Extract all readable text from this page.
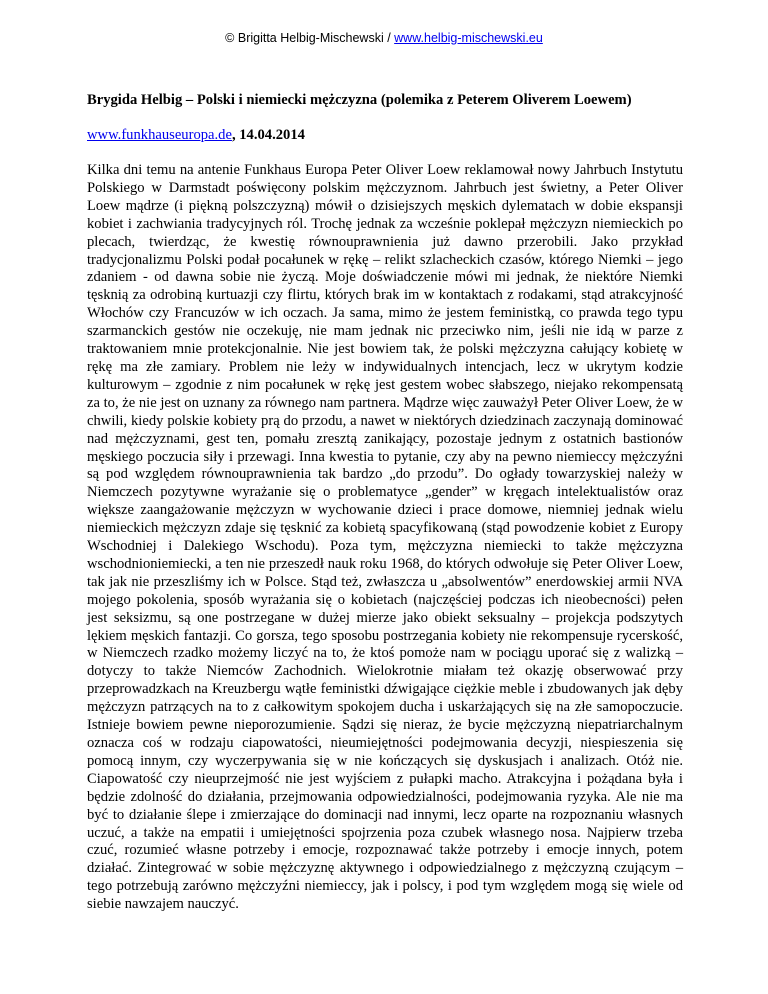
© Brigitta Helbig-Mischewski / www.helbig-mischewski.eu

Brygida Helbig – Polski i niemiecki mężczyzna (polemika z Peterem Oliverem Loewem)

www.funkhauseuropa.de, 14.04.2014

Kilka dni temu na antenie Funkhaus Europa Peter Oliver Loew reklamował nowy Jahrbuch Instytutu Polskiego w Darmstadt poświęcony polskim mężczyznom. Jahrbuch jest świetny, a Peter Oliver Loew mądrze (i piękną polszczyzną) mówił o dzisiejszych męskich dylematach w dobie ekspansji kobiet i zachwiania tradycyjnych ról. Trochę jednak za wcześnie poklepał mężczyzn niemieckich po plecach, twierdząc, że kwestię równouprawnienia już dawno przerobili. Jako przykład tradycjonalizmu Polski podał pocałunek w rękę – relikt szlacheckich czasów, którego Niemki – jego zdaniem - od dawna sobie nie życzą. Moje doświadczenie mówi mi jednak, że niektóre Niemki tęsknią za odrobiną kurtuazji czy flirtu, których brak im w kontaktach z rodakami, stąd atrakcyjność Włochów czy Francuzów w ich oczach. Ja sama, mimo że jestem feministką, co prawda tego typu szarmanckich gestów nie oczekuję, nie mam jednak nic przeciwko nim, jeśli nie idą w parze z traktowaniem mnie protekcjonalnie. Nie jest bowiem tak, że polski mężczyzna całujący kobietę w rękę ma złe zamiary. Problem nie leży w indywidualnych intencjach, lecz w ukrytym kodzie kulturowym – zgodnie z nim pocałunek w rękę jest gestem wobec słabszego, niejako rekompensatą za to, że nie jest on uznany za równego nam partnera. Mądrze więc zauważył Peter Oliver Loew, że w chwili, kiedy polskie kobiety prą do przodu, a nawet w niektórych dziedzinach zaczynają dominować nad mężczyznami, gest ten, pomału zresztą zanikający, pozostaje jednym z ostatnich bastionów męskiego poczucia siły i przewagi. Inna kwestia to pytanie, czy aby na pewno niemieccy mężczyźni są pod względem równouprawnienia tak bardzo „do przodu”. Do ogłady towarzyskiej należy w Niemczech pozytywne wyrażanie się o problematyce „gender” w kręgach intelektualistów oraz większe zaangażowanie mężczyzn w wychowanie dzieci i prace domowe, niemniej jednak wielu niemieckich mężczyzn zdaje się tęsknić za kobietą spacyfikowaną (stąd powodzenie kobiet z Europy Wschodniej i Dalekiego Wschodu). Poza tym, mężczyzna niemiecki to także mężczyzna wschodnioniemiecki, a ten nie przeszedł nauk roku 1968, do których odwołuje się Peter Oliver Loew, tak jak nie przeszliśmy ich w Polsce. Stąd też, zwłaszcza u „absolwentów” enerdowskiej armii NVA mojego pokolenia, sposób wyrażania się o kobietach (najczęściej podczas ich nieobecności) pełen jest seksizmu, są one postrzegane w dużej mierze jako obiekt seksualny – projekcja podszytych lękiem męskich fantazji. Co gorsza, tego sposobu postrzegania kobiety nie rekompensuje rycerskość, w Niemczech rzadko możemy liczyć na to, że ktoś pomoże nam w pociągu uporać się z walizką – dotyczy to także Niemców Zachodnich. Wielokrotnie miałam też okazję obserwować przy przeprowadzkach na Kreuzbergu wątłe feministki dźwigające ciężkie meble i zbudowanych jak dęby mężczyzn patrzących na to z całkowitym spokojem ducha i uskarżających się na złe samopoczucie. Istnieje bowiem pewne nieporozumienie. Sądzi się nieraz, że bycie mężczyzną niepatriarchalnym oznacza coś w rodzaju ciapowatości, nieumiejętności podejmowania decyzji, niespieszenia się pomocą innym, czy wyczerpywania się w nie kończących się dyskusjach i analizach. Otóż nie. Ciapowatość czy nieuprzejmość nie jest wyjściem z pułapki macho. Atrakcyjna i pożądana była i będzie zdolność do działania, przejmowania odpowiedzialności, podejmowania ryzyka. Ale nie ma być to działanie ślepe i zmierzające do dominacji nad innymi, lecz oparte na rozpoznaniu własnych uczuć, a także na empatii i umiejętności spojrzenia poza czubek własnego nosa. Najpierw trzeba czuć, rozumieć własne potrzeby i emocje, rozpoznawać także potrzeby i emocje innych, potem działać. Zintegrować w sobie mężczyznę aktywnego i odpowiedzialnego z mężczyzną czującym – tego potrzebują zarówno mężczyźni niemieccy, jak i polscy, i pod tym względem mogą się wiele od siebie nawzajem nauczyć.
